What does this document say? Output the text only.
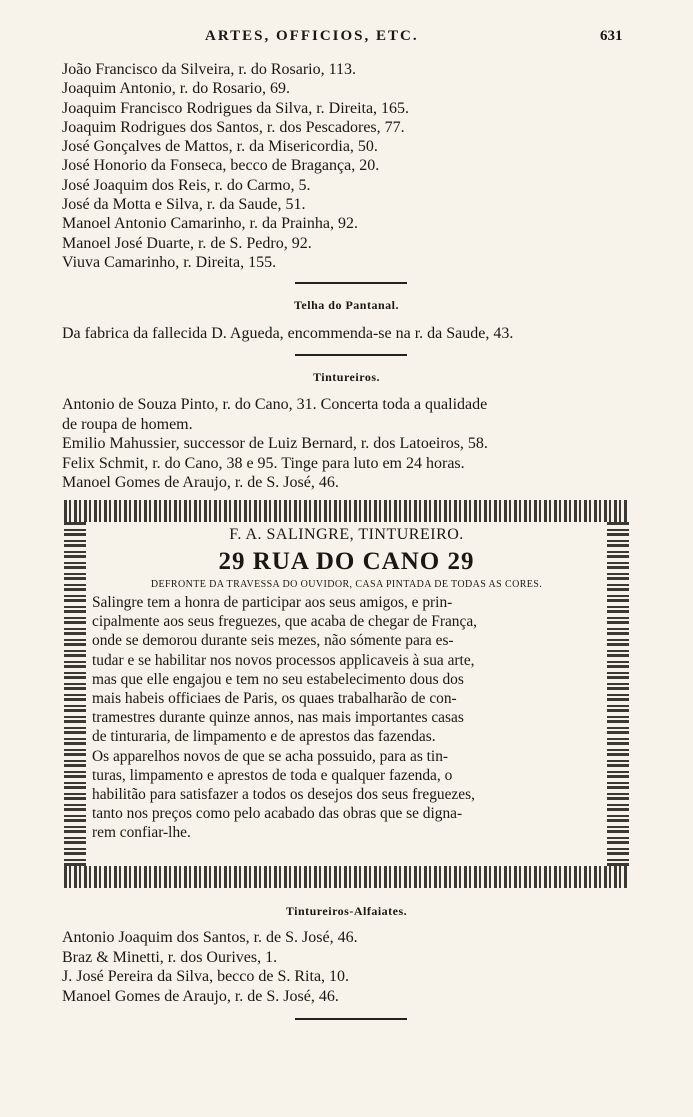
ARTES, OFFICIOS, ETC.	631
João Francisco da Silveira, r. do Rosario, 113.
Joaquim Antonio, r. do Rosario, 69.
Joaquim Francisco Rodrigues da Silva, r. Direita, 165.
Joaquim Rodrigues dos Santos, r. dos Pescadores, 77.
José Gonçalves de Mattos, r. da Misericordia, 50.
José Honorio da Fonseca, becco de Bragança, 20.
José Joaquim dos Reis, r. do Carmo, 5.
José da Motta e Silva, r. da Saude, 51.
Manoel Antonio Camarinho, r. da Prainha, 92.
Manoel José Duarte, r. de S. Pedro, 92.
Viuva Camarinho, r. Direita, 155.
Telha do Pantanal.
Da fabrica da fallecida D. Agueda, encommenda-se na r. da Saude, 43.
Tintureiros.
Antonio de Souza Pinto, r. do Cano, 31. Concerta toda a qualidade
de roupa de homem.
Emilio Mahussier, successor de Luiz Bernard, r. dos Latoeiros, 58.
Felix Schmit, r. do Cano, 38 e 95. Tinge para luto em 24 horas.
Manoel Gomes de Araujo, r. de S. José, 46.
F. A. SALINGRE, TINTUREIRO.
29 RUA DO CANO 29
DEFRONTE DA TRAVESSA DO OUVIDOR, CASA PINTADA DE TODAS AS CORES.
Salingre tem a honra de participar aos seus amigos, e prin-
cipalmente aos seus freguezes, que acaba de chegar de França,
onde se demorou durante seis mezes, não sómente para es-
tudar e se habilitar nos novos processos applicaveis à sua arte,
mas que elle engajou e tem no seu estabelecimento dous dos
mais habeis officiaes de Paris, os quaes trabalharão de con-
tramestres durante quinze annos, nas mais importantes casas
de tinturaria, de limpamento e de aprestos das fazendas.
Os apparelhos novos de que se acha possuido, para as tin-
turas, limpamento e aprestos de toda e qualquer fazenda, o
habilitão para satisfazer a todos os desejos dos seus freguezes,
tanto nos preços como pelo acabado das obras que se digna-
rem confiar-lhe.
Tintureiros-Alfaiates.
Antonio Joaquim dos Santos, r. de S. José, 46.
Braz & Minetti, r. dos Ourives, 1.
J. José Pereira da Silva, becco de S. Rita, 10.
Manoel Gomes de Araujo, r. de S. José, 46.
